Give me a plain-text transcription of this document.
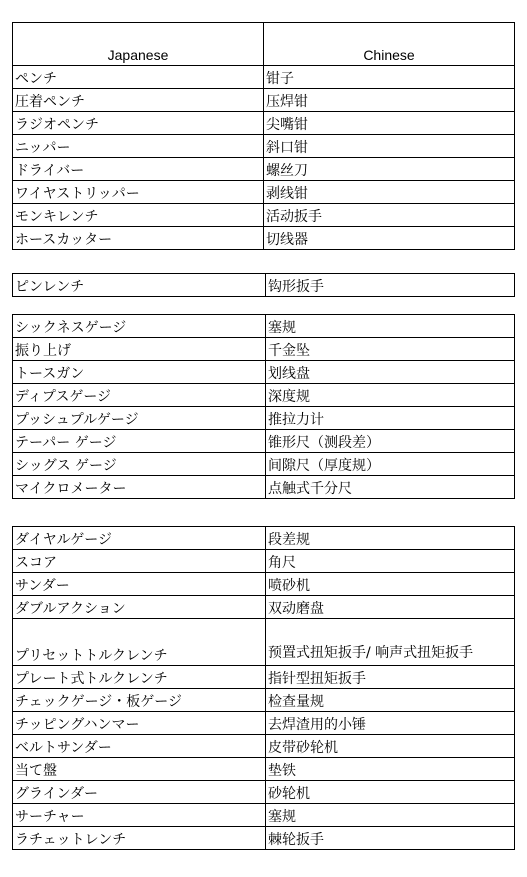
Japanese	Chinese
ペンチ	钳子
圧着ペンチ	压焊钳
ラジオペンチ	尖嘴钳
ニッパー	斜口钳
ドライバー	螺丝刀
ワイヤストリッパー	剥线钳
モンキレンチ	活动扳手
ホースカッター	切线器
ピンレンチ	钩形扳手
シックネスゲージ	塞规
振り上げ	千金坠
トースガン	划线盘
ディプスゲージ	深度规
プッシュプルゲージ	推拉力计
テーパー ゲージ	锥形尺（测段差）
シッグス ゲージ	间隙尺（厚度规）
マイクロメーター	点触式千分尺
ダイヤルゲージ	段差规
スコア	角尺
サンダー	喷砂机
ダブルアクション	双动磨盘
プリセットトルクレンチ	预置式扭矩扳手/ 响声式扭矩扳手
プレート式トルクレンチ	指针型扭矩扳手
チェックゲージ・板ゲージ	检查量规
チッピングハンマー	去焊渣用的小锤
ベルトサンダー	皮带砂轮机
当て盤	垫铁
グラインダー	砂轮机
サーチャー	塞规
ラチェットレンチ	棘轮扳手
